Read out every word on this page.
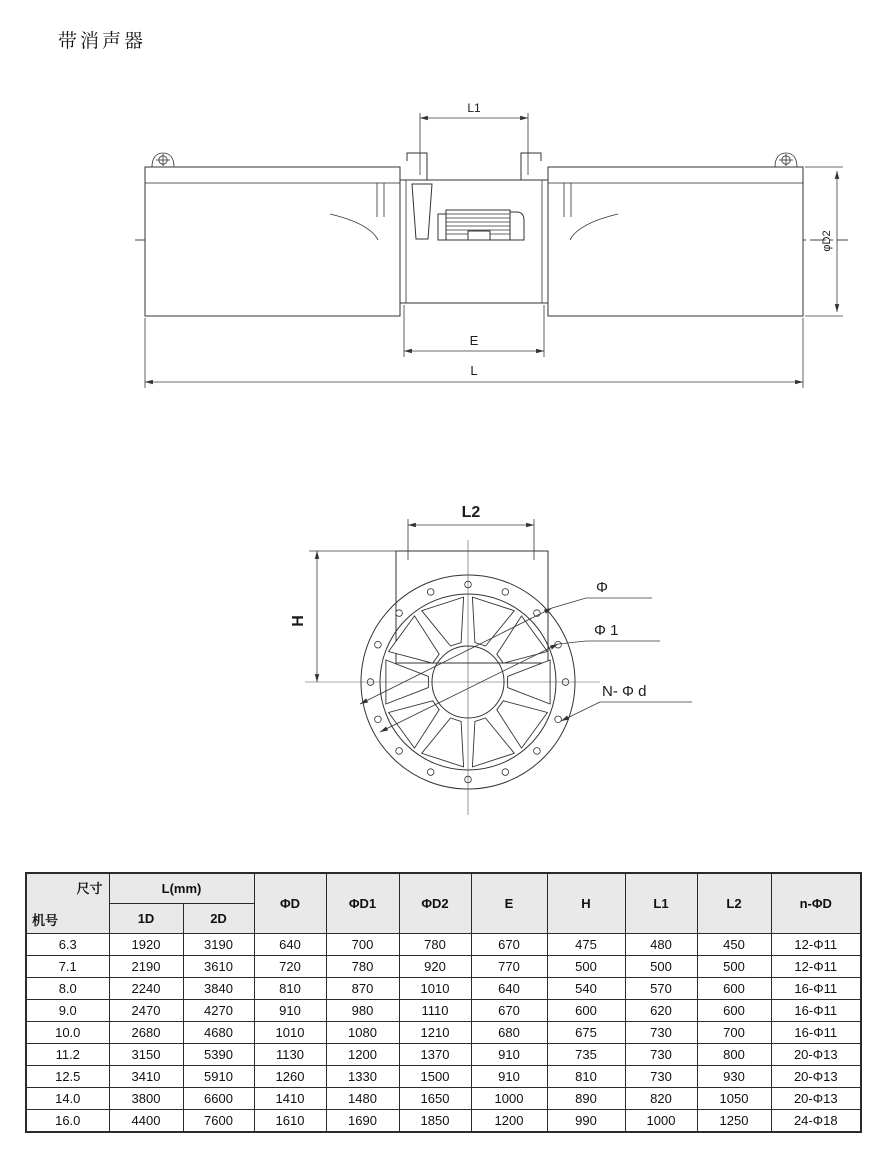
带消声器
L1
φD2
E
L
L2
H
Φ
Φ 1
N- Φ d
尺寸
机号	L(mm)		ΦD	ΦD1	ΦD2	E	H	L1	L2	n-ΦD
	1D	2D								
6.3	1920	3190	640	700	780	670	475	480	450	12-Φ11
7.1	2190	3610	720	780	920	770	500	500	500	12-Φ11
8.0	2240	3840	810	870	1010	640	540	570	600	16-Φ11
9.0	2470	4270	910	980	1110	670	600	620	600	16-Φ11
10.0	2680	4680	1010	1080	1210	680	675	730	700	16-Φ11
11.2	3150	5390	1130	1200	1370	910	735	730	800	20-Φ13
12.5	3410	5910	1260	1330	1500	910	810	730	930	20-Φ13
14.0	3800	6600	1410	1480	1650	1000	890	820	1050	20-Φ13
16.0	4400	7600	1610	1690	1850	1200	990	1000	1250	24-Φ18
